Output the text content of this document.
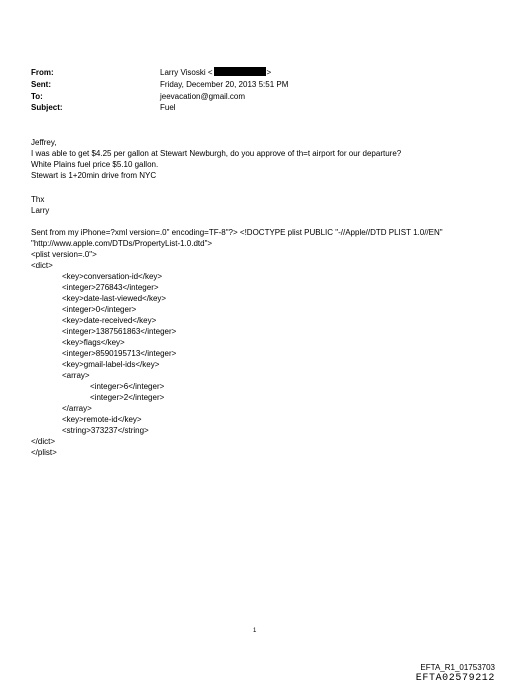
From:	Larry Visoski <	>
Sent:	Friday, December 20, 2013 5:51 PM
To:	jeevacation@gmail.com
Subject:	Fuel
Jeffrey,
I was able to get $4.25 per gallon at Stewart Newburgh, do you approve of th=t airport for our departure?
White Plains fuel price $5.10 gallon.
Stewart is 1+20min drive from NYC
Thx
Larry
Sent from my iPhone=?xml version=.0" encoding=TF-8"?> <!DOCTYPE plist PUBLIC "-//Apple//DTD PLIST 1.0//EN"
"http://www.apple.com/DTDs/PropertyList-1.0.dtd">
<plist version=.0">
<dict>
<key>conversation-id</key>
<integer>276843</integer>
<key>date-last-viewed</key>
<integer>0</integer>
<key>date-received</key>
<integer>1387561863</integer>
<key>flags</key>
<integer>8590195713</integer>
<key>gmail-label-ids</key>
<array>
<integer>6</integer>
<integer>2</integer>
</array>
<key>remote-id</key>
<string>373237</string>
</dict>
</plist>
1
EFTA_R1_01753703
EFTA02579212
